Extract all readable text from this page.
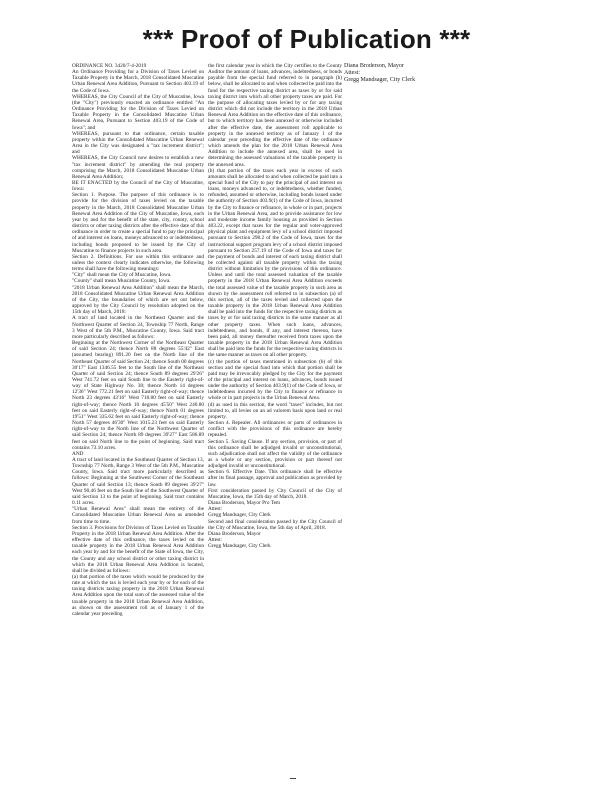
*** Proof of Publication ***

ORDINANCE NO. 3420/7-4-2019

An Ordinance Providing for a Division of Taxes Levied on Taxable Property in the March, 2018 Consolidated Muscatine Urban Renewal Area Addition, Pursuant to Section 403.19 of the Code of Iowa.

WHEREAS, the City Council of the City of Muscatine, Iowa (the "City") previously enacted an ordinance entitled "An Ordinance Providing for the Division of Taxes Levied on Taxable Property in the Consolidated Muscatine Urban Renewal Area, Pursuant to Section 403.19 of the Code of Iowa"; and

WHEREAS, pursuant to that ordinance, certain taxable property within the Consolidated Muscatine Urban Renewal Area in the City was designated a "tax increment district"; and

WHEREAS, the City Council now desires to establish a new "tax increment district" by amending the real property comprising the March, 2018 Consolidated Muscatine Urban Renewal Area Addition;

BE IT ENACTED by the Council of the City of Muscatine, Iowa:

Section 1. Purpose. The purpose of this ordinance is to provide for the division of taxes levied on the taxable property in the March, 2018 Consolidated Muscatine Urban Renewal Area Addition of the City of Muscatine, Iowa, each year by and for the benefit of the state, city, county, school districts or other taxing districts after the effective date of this ordinance in order to create a special fund to pay the principal of and interest on loans, moneys advanced to or indebtedness, including bonds proposed to be issued by the City of Muscatine to finance projects in such area.

Section 2. Definitions. For use within this ordinance and unless the context clearly indicates otherwise, the following terms shall have the following meanings:

"City" shall mean the City of Muscatine, Iowa.

"County" shall mean Muscatine County, Iowa.

"2018 Urban Renewal Area Addition" shall mean the March, 2018 Consolidated Muscatine Urban Renewal Area Addition of the City, the boundaries of which are set out below, approved by the City Council by resolution adopted on the 15th day of March, 2018:

A tract of land located in the Northeast Quarter and the Northwest Quarter of Section 24, Township 77 North, Range 3 West of the 5th P.M., Muscatine County, Iowa. Said tract more particularly described as follows:

Beginning at the Northwest Corner of the Northeast Quarter of said Section 24; thence North 88 degrees 55'42" East (assumed bearing) 891.20 feet on the North line of the Northeast Quarter of said Section 24; thence South 00 degrees 30'17" East 1346.55 feet to the South line of the Northeast Quarter of said Section 24; thence South 89 degrees 29'26" West 741.72 feet on said South line to the Easterly right-of-way of State Highway No. 38; thence North 14 degrees 12'36" West 772.21 feet on said Easterly right-of-way; thence North 23 degrees 43'16" West 718.80 feet on said Easterly right-of-way; thence North 10 degrees 45'50" West 240.80 feet on said Easterly right-of-way; thence North 01 degrees 19'51" West 335.62 feet on said Easterly right-of-way; thence North 57 degrees 46'30" West 1015.23 feet on said Easterly right-of-way to the North line of the Northwest Quarter of said Section 24; thence North 89 degrees 39'27" East 586.89 feet on said North line to the point of beginning. Said tract contains 73.10 acres.

AND

A tract of land located in the Southeast Quarter of Section 13, Township 77 North, Range 3 West of the 5th P.M., Muscatine County, Iowa. Said tract more particularly described as follows: Beginning at the Southwest Corner of the Southeast Quarter of said Section 13; thence South 89 degrees 39'27" West 90.46 feet on the South line of the Southwest Quarter of said Section 13 to the point of beginning. Said tract contains 0.11 acres.

"Urban Renewal Area" shall mean the entirety of the Consolidated Muscatine Urban Renewal Area as amended from time to time.

Section 3. Provisions for Division of Taxes Levied on Taxable Property in the 2018 Urban Renewal Area Addition. After the effective date of this ordinance, the taxes levied on the taxable property in the 2018 Urban Renewal Area Addition each year by and for the benefit of the State of Iowa, the City, the County and any school district or other taxing district in which the 2018 Urban Renewal Area Addition is located, shall be divided as follows:

(a) that portion of the taxes which would be produced by the rate at which the tax is levied each year by or for each of the taxing districts taxing property in the 2018 Urban Renewal Area Addition upon the total sum of the assessed value of the taxable property in the 2018 Urban Renewal Area Addition, as shown on the assessment roll as of January 1 of the calendar year preceding

the first calendar year in which the City certifies to the County Auditor the amount of loans, advances, indebtedness, or bonds payable from the special fund referred to in paragraph (b) below, shall be allocated to and when collected be paid into the fund for the respective taxing district as taxes by or for said taxing district into which all other property taxes are paid. For the purpose of allocating taxes levied by or for any taxing district which did not include the territory in the 2018 Urban Renewal Area Addition on the effective date of this ordinance, but to which territory has been annexed or otherwise included after the effective date, the assessment roll applicable to property in the annexed territory as of January 1 of the calendar year preceding the effective date of the ordinance which amends the plan for the 2018 Urban Renewal Area Addition to include the annexed area, shall be used in determining the assessed valuations of the taxable property in the annexed area.

(b) that portion of the taxes each year in excess of such amounts shall be allocated to and when collected be paid into a special fund of the City to pay the principal of and interest on loans, moneys advanced to, or indebtedness, whether funded, refunded, assumed or otherwise, including bonds issued under the authority of Section 403.9(1) of the Code of Iowa, incurred by the City to finance or refinance, in whole or in part, projects in the Urban Renewal Area, and to provide assistance for low and moderate income family housing as provided in Section 403.22, except that taxes for the regular and voter-approved physical plant and equipment levy of a school district imposed pursuant to Section 298.2 of the Code of Iowa, taxes for the instructional support program levy of a school district imposed pursuant to Section 257.19 of the Code of Iowa and taxes for the payment of bonds and interest of each taxing district shall be collected against all taxable property within the taxing district without limitation by the provisions of this ordinance. Unless and until the total assessed valuation of the taxable property in the 2018 Urban Renewal Area Addition exceeds the total assessed value of the taxable property in such area as shown by the assessment roll referred to in subsection (a) of this section, all of the taxes levied and collected upon the taxable property in the 2018 Urban Renewal Area Addition shall be paid into the funds for the respective taxing districts as taxes by or for said taxing districts in the same manner as all other property taxes. When such loans, advances, indebtedness, and bonds, if any, and interest thereon, have been paid, all money thereafter received from taxes upon the taxable property in the 2018 Urban Renewal Area Addition shall be paid into the funds for the respective taxing districts in the same manner as taxes on all other property.

(c) the portion of taxes mentioned in subsection (b) of this section and the special fund into which that portion shall be paid may be irrevocably pledged by the City for the payment of the principal and interest on loans, advances, bonds issued under the authority of Section 403.9(1) of the Code of Iowa, or indebtedness incurred by the City to finance or refinance in whole or in part projects in the Urban Renewal Area.

(d) as used in this section, the word "taxes" includes, but not limited to, all levies on an ad valorem basis upon land or real property.

Section 4. Repealer. All ordinances or parts of ordinances in conflict with the provisions of this ordinance are hereby repealed.

Section 5. Saving Clause. If any section, provision, or part of this ordinance shall be adjudged invalid or unconstitutional, such adjudication shall not affect the validity of the ordinance as a whole or any section, provision or part thereof not adjudged invalid or unconstitutional.

Section 6. Effective Date. This ordinance shall be effective after its final passage, approval and publication as provided by law.

First consideration passed by City Council of the City of Muscatine, Iowa, the 15th day of March, 2018.

Diana Broderson, Mayor Pro Tem

Attest:

Gregg Mandsager, City Clerk

Second and final consideration passed by the City Council of the City of Muscatine, Iowa, the 5th day of April, 2018.

Diana Broderson, Mayor

Attest:

Gregg Mandsager, City Clerk

Diana Broderson, Mayor

Attest:

Gregg Mandsager, City Clerk
